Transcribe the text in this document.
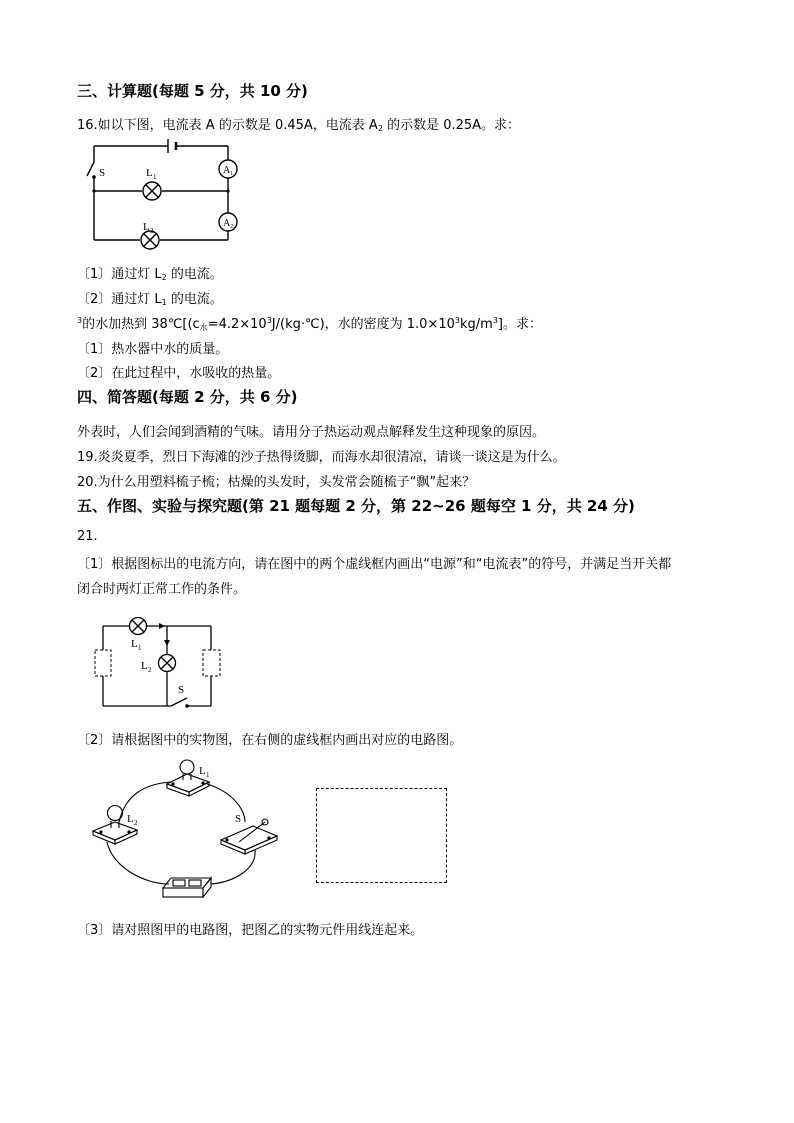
三、计算题(每题 5 分，共 10 分)
16.如以下图，电流表 A 的示数是 0.45A，电流表 $A_2$ 的示数是 0.25A。求：
S	L 1
L 2
A 1
A 2
〔1〕通过灯 $L_2$ 的电流。
〔2〕通过灯 $L_1$ 的电流。
$^3$的水加热到 $38℃[(c_水=4.2\times 10^3J/(kg\cdot℃)$，水的密度为 $1.0\times 10^3kg/m^3$]。求：
〔1〕热水器中水的质量。
〔2〕在此过程中，水吸收的热量。
四、简答题(每题 2 分，共 6 分)
外表时，人们会闻到酒精的气味。请用分子热运动观点解释发生这种现象的原因。
19.炎炎夏季，烈日下海滩的沙子热得烫脚，而海水却很清凉，请谈一谈这是为什么。
20.为什么用塑料梳子梳；枯燥的头发时，头发常会随梳子“飘”起来？
五、作图、实验与探究题(第 21 题每题 2 分，第 22~26 题每空 1 分，共 24 分)
21.
〔1〕根据图标出的电流方向，请在图中的两个虚线框内画出“电源”和“电流表”的符号，并满足当开关都
闭合时两灯正常工作的条件。
L 1
L 2
S
〔2〕请根据图中的实物图，在右侧的虚线框内画出对应的电路图。
L 1
L 2	S
〔3〕请对照图甲的电路图，把图乙的实物元件用线连起来。
